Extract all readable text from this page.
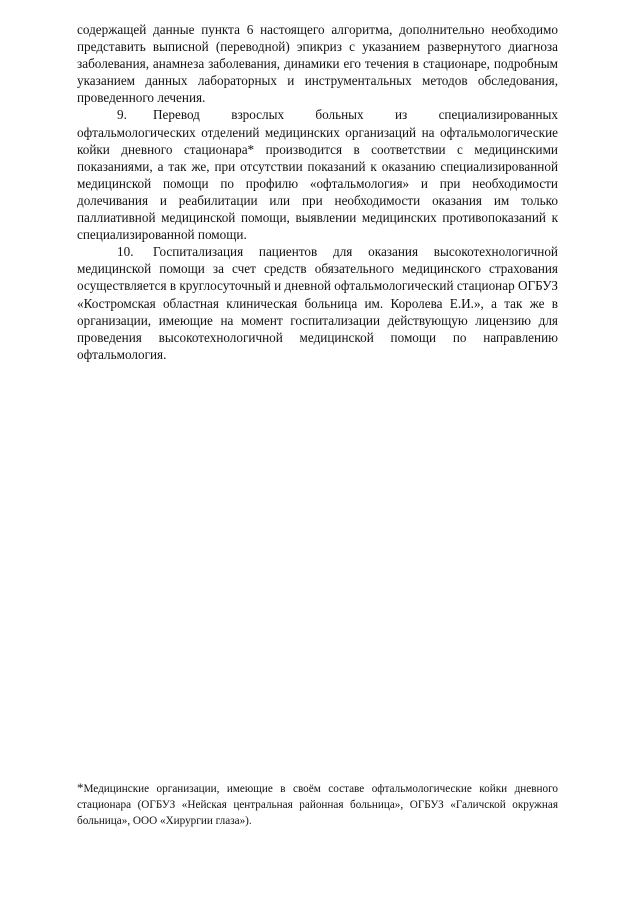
содержащей данные пункта 6 настоящего алгоритма, дополнительно необходимо представить выписной (переводной) эпикриз с указанием развернутого диагноза заболевания, анамнеза заболевания, динамики его течения в стационаре, подробным указанием данных лабораторных и инструментальных методов обследования, проведенного лечения.

9. Перевод взрослых больных из специализированных офтальмологических отделений медицинских организаций на офтальмологические койки дневного стационара* производится в соответствии с медицинскими показаниями, а так же, при отсутствии показаний к оказанию специализированной медицинской помощи по профилю «офтальмология» и при необходимости долечивания и реабилитации или при необходимости оказания им только паллиативной медицинской помощи, выявлении медицинских противопоказаний к специализированной помощи.

10. Госпитализация пациентов для оказания высокотехнологичной медицинской помощи за счет средств обязательного медицинского страхования осуществляется в круглосуточный и дневной офтальмологический стационар ОГБУЗ «Костромская областная клиническая больница им. Королева Е.И.», а так же в организации, имеющие на момент госпитализации действующую лицензию для проведения высокотехнологичной медицинской помощи по направлению офтальмология.

*Медицинские организации, имеющие в своём составе офтальмологические койки дневного стационара (ОГБУЗ «Нейская центральная районная больница», ОГБУЗ «Галичской окружная больница», ООО «Хирургии глаза»).
